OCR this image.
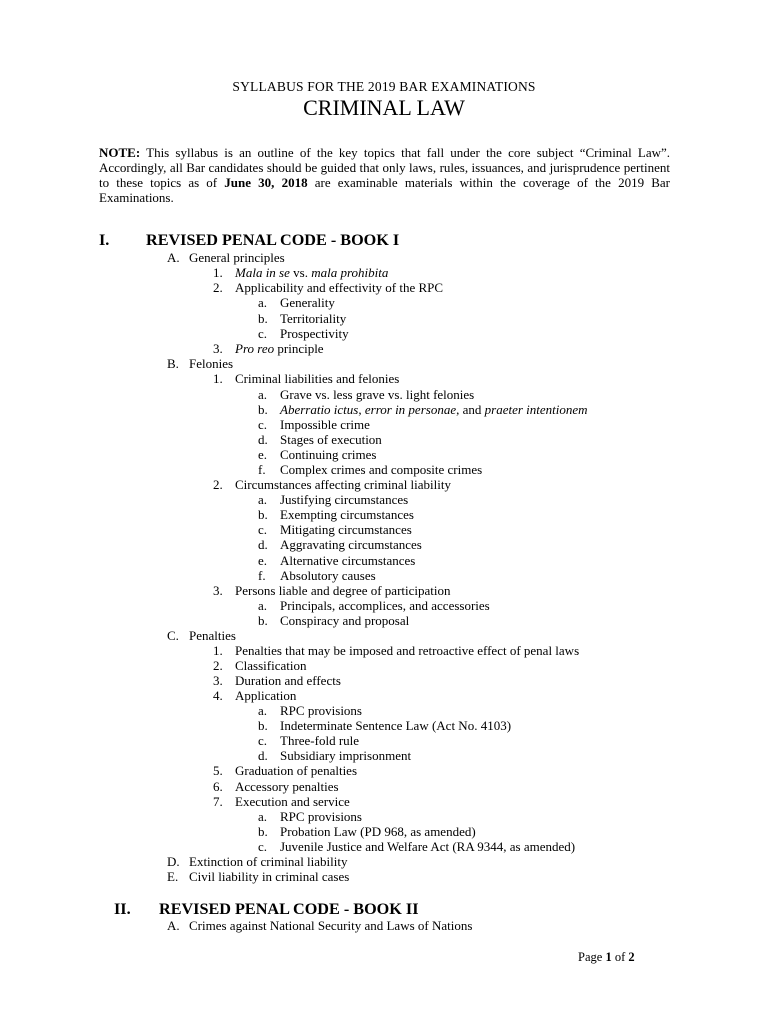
SYLLABUS FOR THE 2019 BAR EXAMINATIONS
CRIMINAL LAW
NOTE: This syllabus is an outline of the key topics that fall under the core subject “Criminal Law”. Accordingly, all Bar candidates should be guided that only laws, rules, issuances, and jurisprudence pertinent to these topics as of June 30, 2018 are examinable materials within the coverage of the 2019 Bar Examinations.
I. REVISED PENAL CODE - BOOK I
A. General principles
1. Mala in se vs. mala prohibita
2. Applicability and effectivity of the RPC
a. Generality
b. Territoriality
c. Prospectivity
3. Pro reo principle
B. Felonies
1. Criminal liabilities and felonies
a. Grave vs. less grave vs. light felonies
b. Aberratio ictus, error in personae, and praeter intentionem
c. Impossible crime
d. Stages of execution
e. Continuing crimes
f. Complex crimes and composite crimes
2. Circumstances affecting criminal liability
a. Justifying circumstances
b. Exempting circumstances
c. Mitigating circumstances
d. Aggravating circumstances
e. Alternative circumstances
f. Absolutory causes
3. Persons liable and degree of participation
a. Principals, accomplices, and accessories
b. Conspiracy and proposal
C. Penalties
1. Penalties that may be imposed and retroactive effect of penal laws
2. Classification
3. Duration and effects
4. Application
a. RPC provisions
b. Indeterminate Sentence Law (Act No. 4103)
c. Three-fold rule
d. Subsidiary imprisonment
5. Graduation of penalties
6. Accessory penalties
7. Execution and service
a. RPC provisions
b. Probation Law (PD 968, as amended)
c. Juvenile Justice and Welfare Act (RA 9344, as amended)
D. Extinction of criminal liability
E. Civil liability in criminal cases
A. Crimes against National Security and Laws of Nations
II. REVISED PENAL CODE - BOOK II
Page 1 of 2
